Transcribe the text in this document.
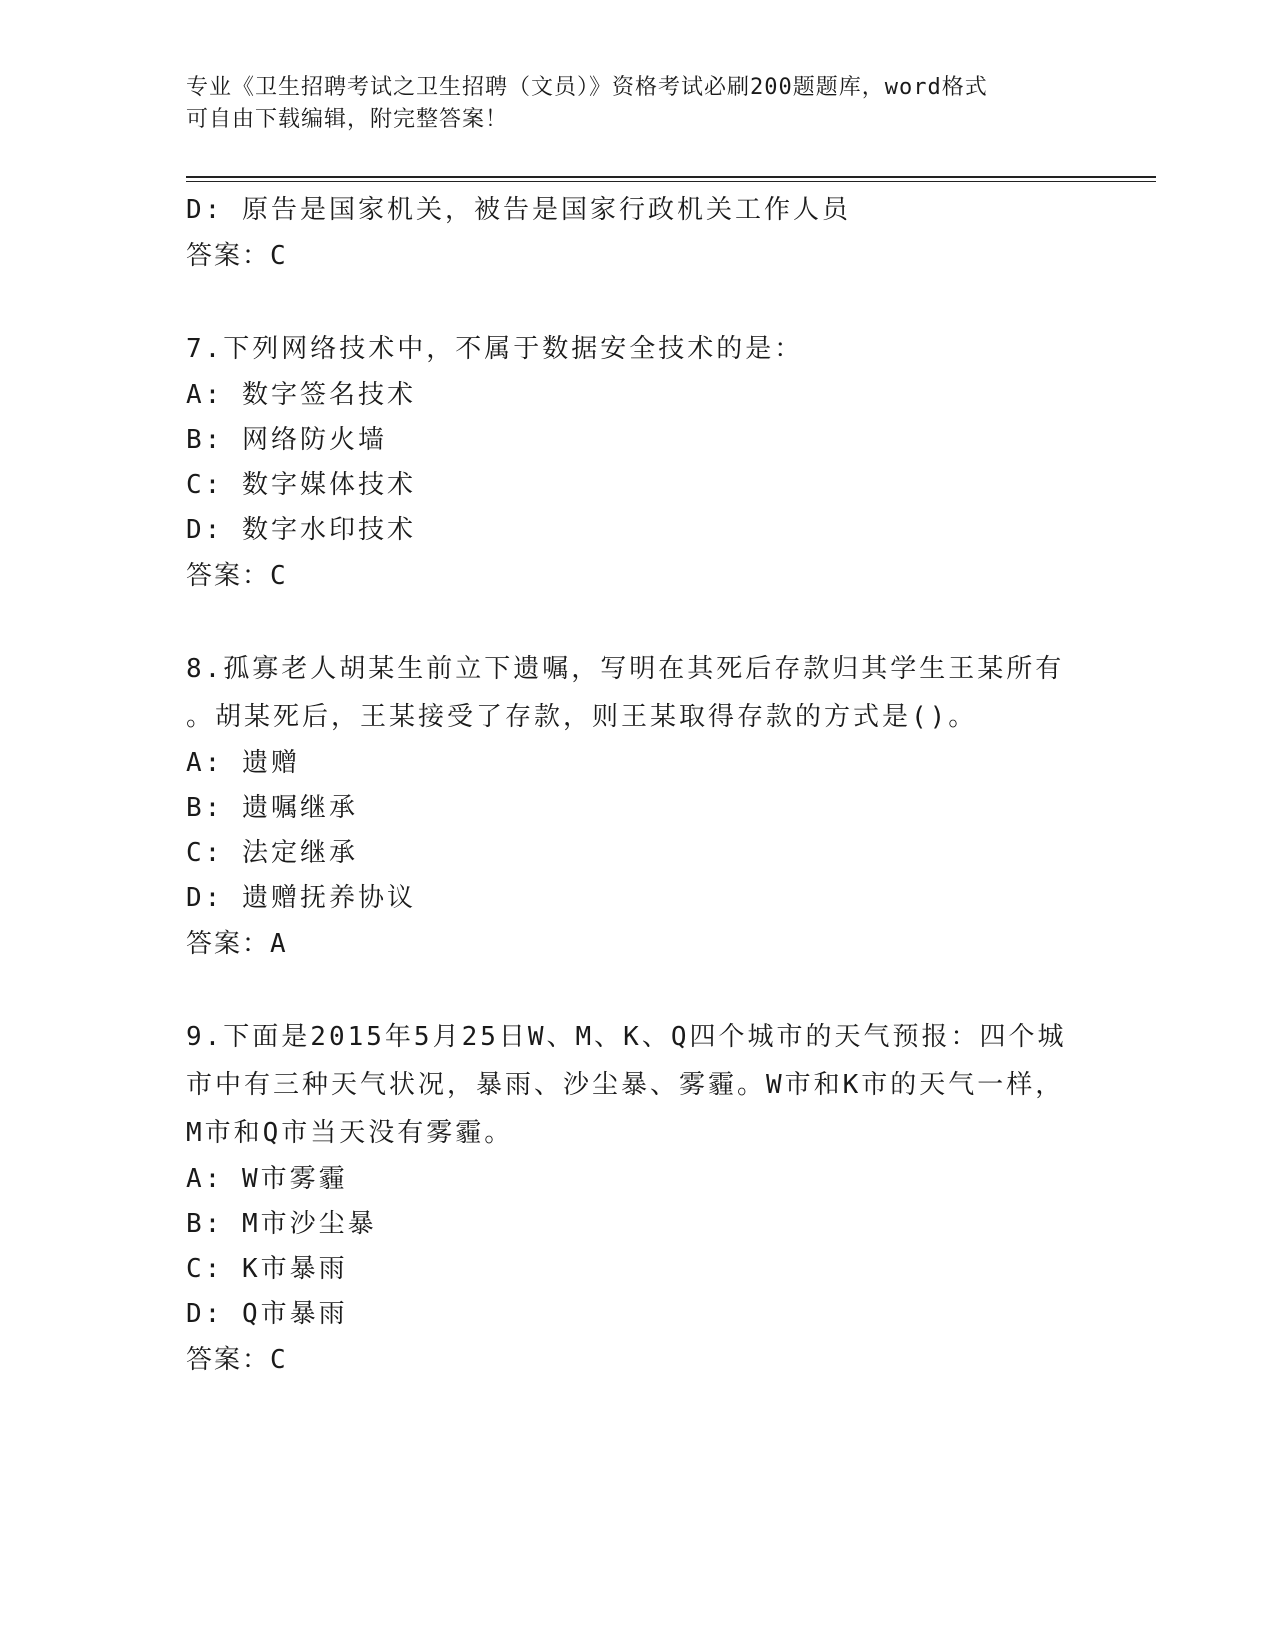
专业《卫生招聘考试之卫生招聘（文员）》资格考试必刷200题题库，word格式
可自由下载编辑，附完整答案！
D: 原告是国家机关，被告是国家行政机关工作人员
答案：C
7.下列网络技术中，不属于数据安全技术的是：
A: 数字签名技术
B: 网络防火墙
C: 数字媒体技术
D: 数字水印技术
答案：C
8.孤寡老人胡某生前立下遗嘱，写明在其死后存款归其学生王某所有
。胡某死后，王某接受了存款，则王某取得存款的方式是()。
A: 遗赠
B: 遗嘱继承
C: 法定继承
D: 遗赠抚养协议
答案：A
9.下面是2015年5月25日W、M、K、Q四个城市的天气预报：四个城
市中有三种天气状况，暴雨、沙尘暴、雾霾。W市和K市的天气一样，
M市和Q市当天没有雾霾。
A: W市雾霾
B: M市沙尘暴
C: K市暴雨
D: Q市暴雨
答案：C
